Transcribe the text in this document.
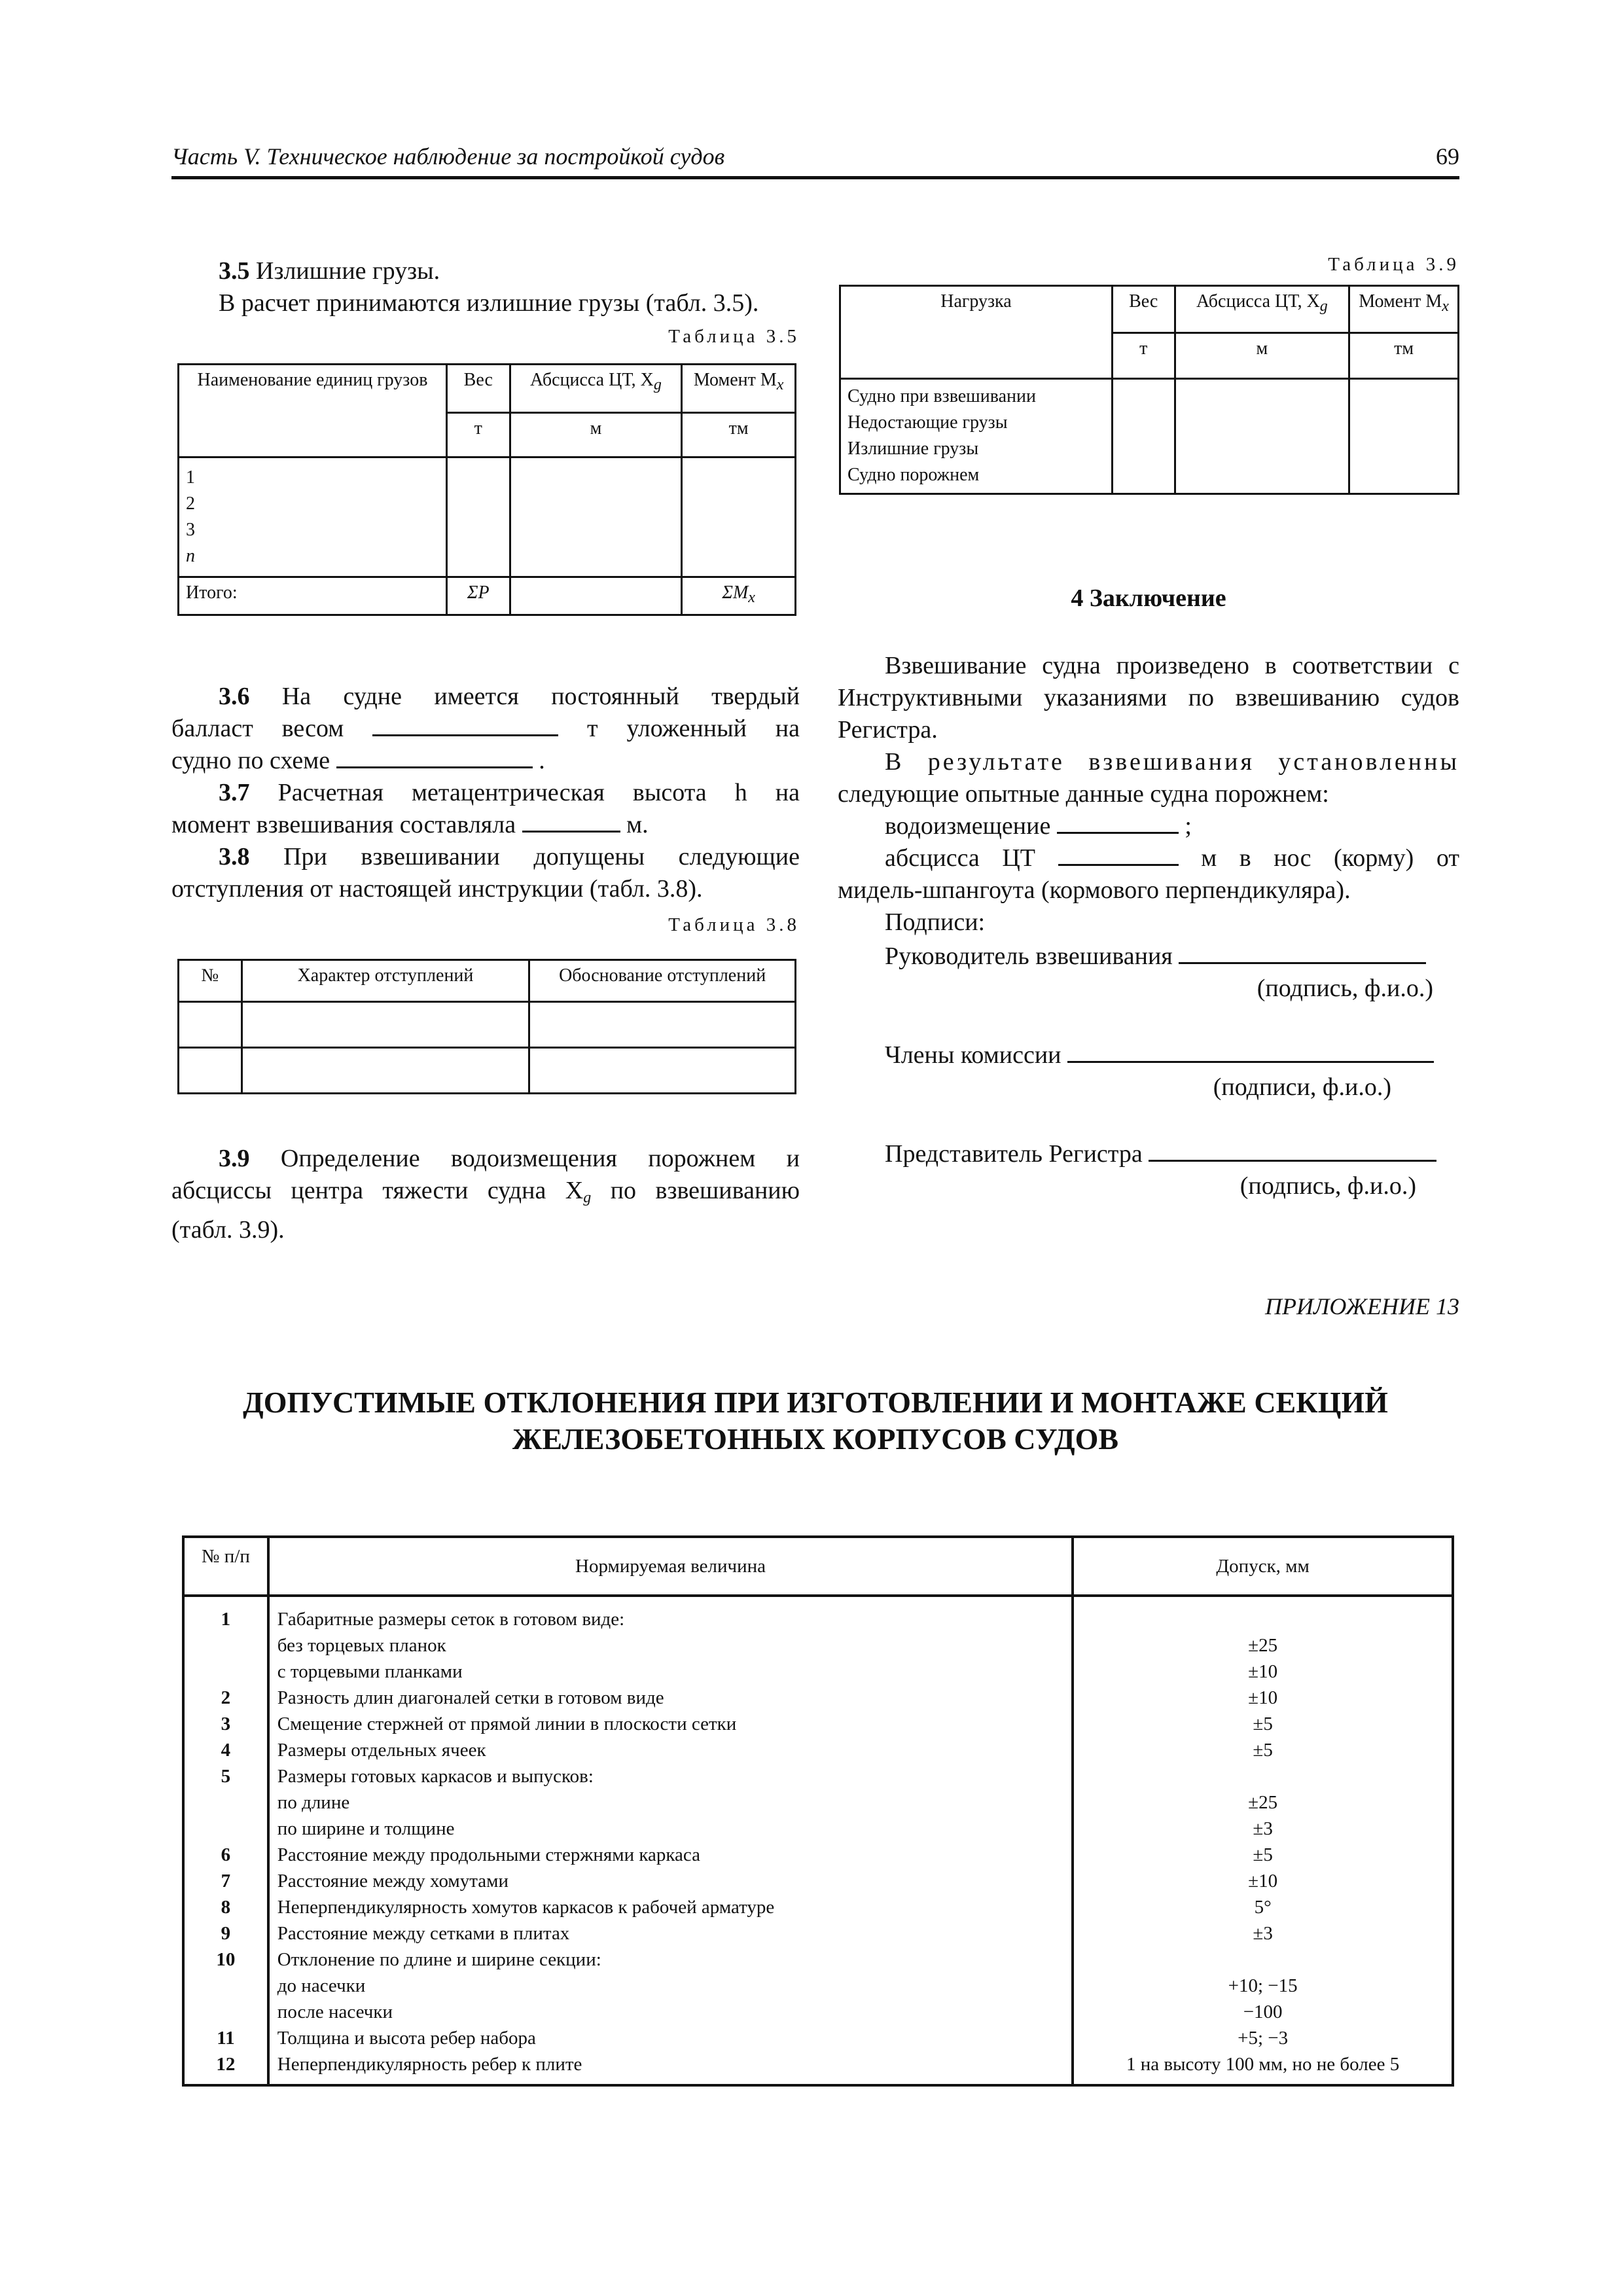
Часть V. Техническое наблюдение за постройкой судов	69

3.5 Излишние грузы.

В расчет принимаются излишние грузы (табл. 3.5).

Таблица 3.5
Наименование единиц грузов	Вес	Абсцисса ЦТ, Xg	Момент Mx
	т	м	тм

1
2
3
n			

Итого:	ΣP		ΣMx

3.6 На судне имеется постоянный твердый

балласт весом	т уложенный на

судно по схеме	.

3.7 Расчетная метацентрическая высота h на

момент взвешивания составляла	м.

3.8 При взвешивании допущены следующие

отступления от настоящей инструкции (табл. 3.8).

Таблица 3.8
№	Характер отступлений	Обоснование отступлений

3.9 Определение водоизмещения порожнем и

абсциссы центра тяжести судна $X_g$ по взвешиванию

(табл. 3.9).

Таблица 3.9
Нагрузка	Вес	Абсцисса ЦТ, Xg	Момент Mx
	т	м	тм

Судно при взвешивании
Недостающие грузы
Излишние грузы
Судно порожнем			

4 Заключение

Взвешивание судна произведено в соответствии с

Инструктивными указаниями по взвешиванию судов

Регистра.

В результате взвешивания установленны

следующие опытные данные судна порожнем:

водоизмещение	;

абсцисса ЦТ	м в нос (корму) от

мидель-шпангоута (кормового перпендикуляра).

Подписи:

Руководитель взвешивания

(подпись, ф.и.о.)

Члены комиссии

(подписи, ф.и.о.)

Представитель Регистра

(подпись, ф.и.о.)

ПРИЛОЖЕНИЕ 13
ДОПУСТИМЫЕ ОТКЛОНЕНИЯ ПРИ ИЗГОТОВЛЕНИИ И МОНТАЖЕ СЕКЦИЙ
ЖЕЛЕЗОБЕТОННЫХ КОРПУСОВ СУДОВ
№ п/п	Нормируемая величина	Допуск, мм
1	Габаритные размеры сеток в готовом виде:	
	без торцевых планок	±25
	с торцевыми планками	±10
2	Разность длин диагоналей сетки в готовом виде	±10
3	Смещение стержней от прямой линии в плоскости сетки	±5
4	Размеры отдельных ячеек	±5
5	Размеры готовых каркасов и выпусков:	
	по длине	±25
	по ширине и толщине	±3
6	Расстояние между продольными стержнями каркаса	±5
7	Расстояние между хомутами	±10
8	Неперпендикулярность хомутов каркасов к рабочей арматуре	5°
9	Расстояние между сетками в плитах	±3
10	Отклонение по длине и ширине секции:	
	до насечки	+10; −15
	после насечки	−100
11	Толщина и высота ребер набора	+5; −3
12	Неперпендикулярность ребер к плите	1 на высоту 100 мм, но не более 5
